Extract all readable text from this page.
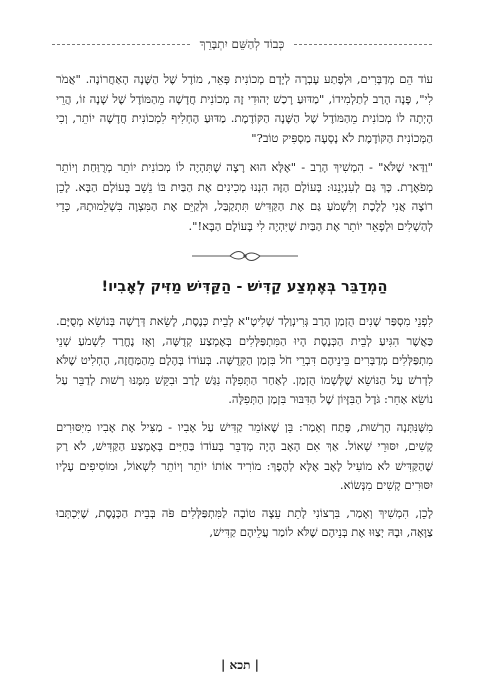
כְּבוֹד לְהַשֵּׁם יִתְבָּרֵךְ

עוֹד הֵם מְדַבְּרִים, וּלְפֶתַע עָבְרָה לְיָדָם מְכוֹנִית פְּאֵר, מוֹדֶל שֶׁל הַשָּׁנָה הָאַחֲרוֹנָה. "אֲמֹר לִי", פָּנָה הָרַב לְתַלְמִידוֹ, "מַדּוּעַ רָכַשׁ יְהוּדִי זֶה מְכוֹנִית חֲדָשָׁה מֵהַמּוֹדֶל שֶׁל שָׁנָה זוֹ, הֲרֵי הָיְתָה לוֹ מְכוֹנִית מֵהַמּוֹדֶל שֶׁל הַשָּׁנָה הַקּוֹדֶמֶת. מַדּוּעַ הֶחְלִיף לִמְכוֹנִית חֲדָשָׁה יוֹתֵר, וְכִי הַמְּכוֹנִית הַקּוֹדֶמֶת לֹא נָסְעָה מַסְפִּיק טוֹב?"

"וַדַּאי שֶׁלֹּא" - הִמְשִׁיךְ הָרַב - "אֶלָּא הוּא רָצָה שֶׁתִּהְיֶה לוֹ מְכוֹנִית יוֹתֵר מְרֻוַּחַת וְיוֹתֵר מְפֹאֶרֶת. כָּךְ גַּם לְעִנְיָנֵנוּ: בָּעוֹלָם הַזֶּה הִנְנוּ מְכִינִים אֶת הַבַּיִת בּוֹ נֵשֵׁב בָּעוֹלָם הַבָּא. לָכֵן רוֹצֶה אֲנִי לָלֶכֶת וְלִשְׁמֹעַ גַּם אֶת הַקַּדִּישׁ תִּתְקַבַּל, וּלְקַיֵּם אֶת הַמִּצְוָה בִּשְׁלֵמוּתָהּ, כְּדֵי לְהַשְׁלִים וּלְפָאֵר יוֹתֵר אֶת הַבַּיִת שֶׁיִּהְיֶה לִי בָּעוֹלָם הַבָּא!".

הַמְדַבֵּר בְּאֶמְצַע קַדִּישׁ - הַקַּדִּישׁ מַזִּיק לְאָבִיו!

לִפְנֵי מִסְפַּר שָׁנִים הֻזְמַן הָרַב גְּרִינְוַלְד שְׁלִיטָ"א לְבֵית כְּנֶסֶת, לָשֵׂאת דְּרָשָׁה בְּנוֹשֵׂא מְסֻיָּם. כַּאֲשֶׁר הִגִּיעַ לְבֵית הַכְּנֶסֶת הָיוּ הַמִּתְפַּלְּלִים בְּאֶמְצַע קְדֻשָּׁה, וְאָז נֶחֱרַד לִשְׁמֹעַ שְׁנֵי מִתְפַּלְּלִים מְדַבְּרִים בֵּינֵיהֶם דִּבְרֵי חֹל בִּזְמַן הַקְּדֻשָּׁה. בְּעוֹדוֹ בְּהֶלֶם מֵהַמַּחֲזֶה, הֶחְלִיט שֶׁלֹּא לִדְרֹשׁ עַל הַנּוֹשֵׂא שֶׁלְּשְׁמוֹ הֻזְמַן. לְאַחַר הַתְּפִלָּה נִגַּשׁ לָרַב וּבִקֵּשׁ מִמֶּנּוּ רְשׁוּת לְדַבֵּר עַל נוֹשֵׂא אַחֵר: גֹּדֶל הַבִּזָּיוֹן שֶׁל הַדִּבּוּר בִּזְמַן הַתְּפִלָּה.

מִשֶּׁנִּתְּנָה הָרְשׁוּת, פָּתַח וְאָמַר: בֵּן שֶׁאוֹמֵר קַדִּישׁ עַל אָבִיו - מַצִּיל אֶת אָבִיו מִיִּסּוּרִים קָשִׁים, יִסּוּרֵי שְׁאוֹל. אַךְ אִם הָאָב הָיָה מְדַבֵּר בְּעוֹדוֹ בַּחַיִּים בְּאֶמְצַע הַקַּדִּישׁ, לֹא רַק שֶׁהַקַּדִּישׁ לֹא מוֹעִיל לָאָב אֶלָּא לְהֶפֶךְ: מוֹרִיד אוֹתוֹ יוֹתֵר וְיוֹתֵר לִשְׁאוֹל, וּמוֹסִיפִים עָלָיו יִסּוּרִים קָשִׁים מִנְּשׂוֹא.

לָכֵן, הִמְשִׁיךְ וְאָמַר, בִּרְצוֹנִי לָתֵת עֵצָה טוֹבָה לַמִּתְפַּלְּלִים פֹּה בְּבֵית הַכְּנֶסֶת, שֶׁיִּכְתְּבוּ צַוָּאָה, וּבָהּ יְצַוּוּ אֶת בְּנֵיהֶם שֶׁלֹּא לוֹמַר עֲלֵיהֶם קַדִּישׁ,

| תכא |
